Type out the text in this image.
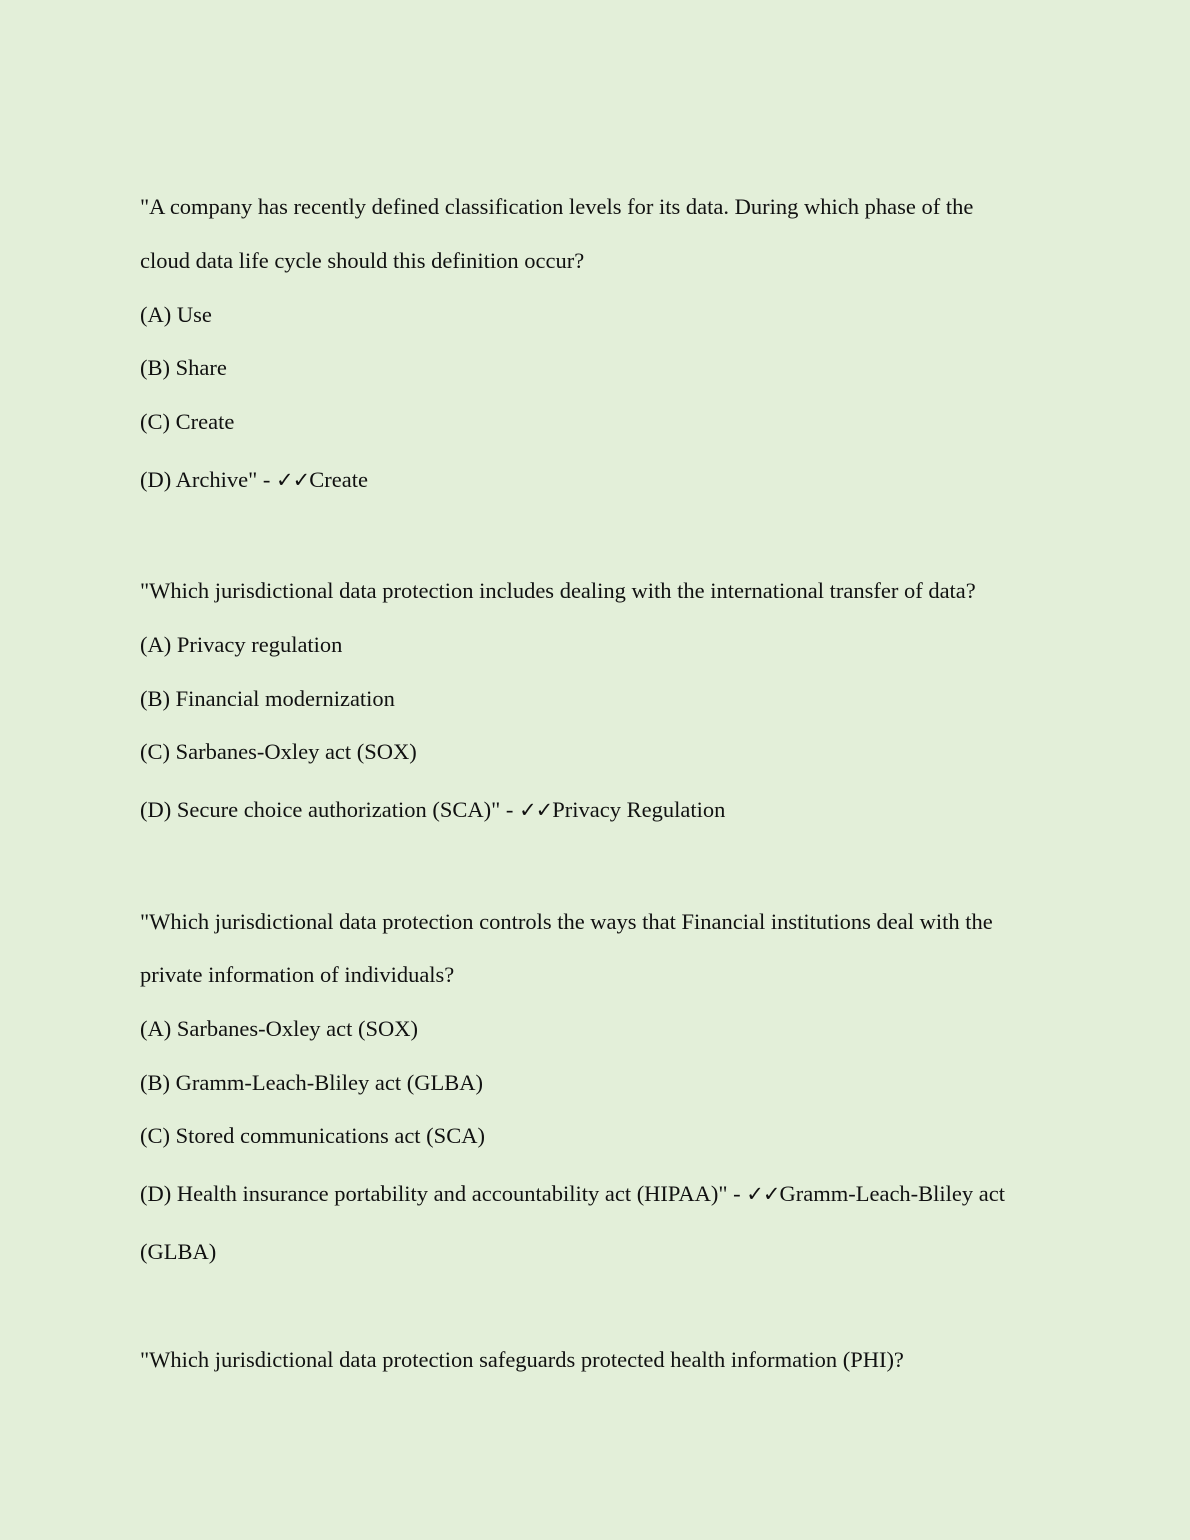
"A company has recently defined classification levels for its data. During which phase of the
cloud data life cycle should this definition occur?
(A) Use
(B) Share
(C) Create
(D) Archive" - ✓✓Create
"Which jurisdictional data protection includes dealing with the international transfer of data?
(A) Privacy regulation
(B) Financial modernization
(C) Sarbanes-Oxley act (SOX)
(D) Secure choice authorization (SCA)" - ✓✓Privacy Regulation
"Which jurisdictional data protection controls the ways that Financial institutions deal with the
private information of individuals?
(A) Sarbanes-Oxley act (SOX)
(B) Gramm-Leach-Bliley act (GLBA)
(C) Stored communications act (SCA)
(D) Health insurance portability and accountability act (HIPAA)" - ✓✓Gramm-Leach-Bliley act
(GLBA)
"Which jurisdictional data protection safeguards protected health information (PHI)?
